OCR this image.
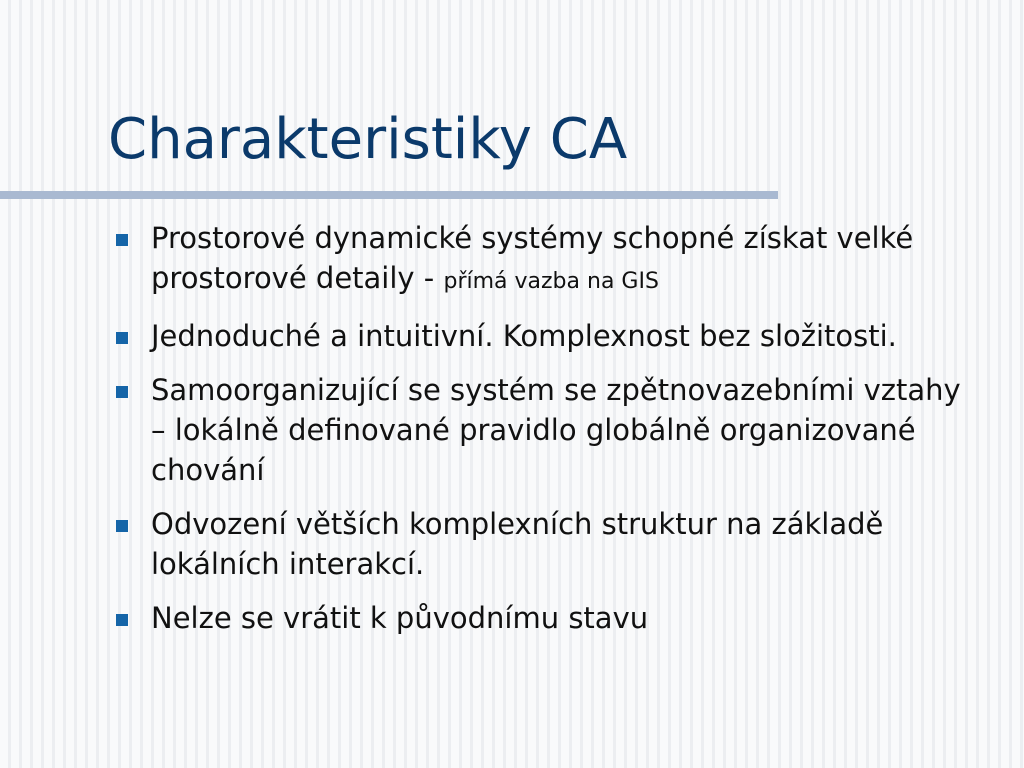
Charakteristiky CA
Prostorové dynamické systémy schopné získat velké prostorové detaily - přímá vazba na GIS
Jednoduché a intuitivní. Komplexnost bez složitosti.
Samoorganizující se systém se zpětnovazebními vztahy – lokálně definované pravidlo globálně organizované chování
Odvození větších komplexních struktur na základě lokálních interakcí.
Nelze se vrátit k původnímu stavu
